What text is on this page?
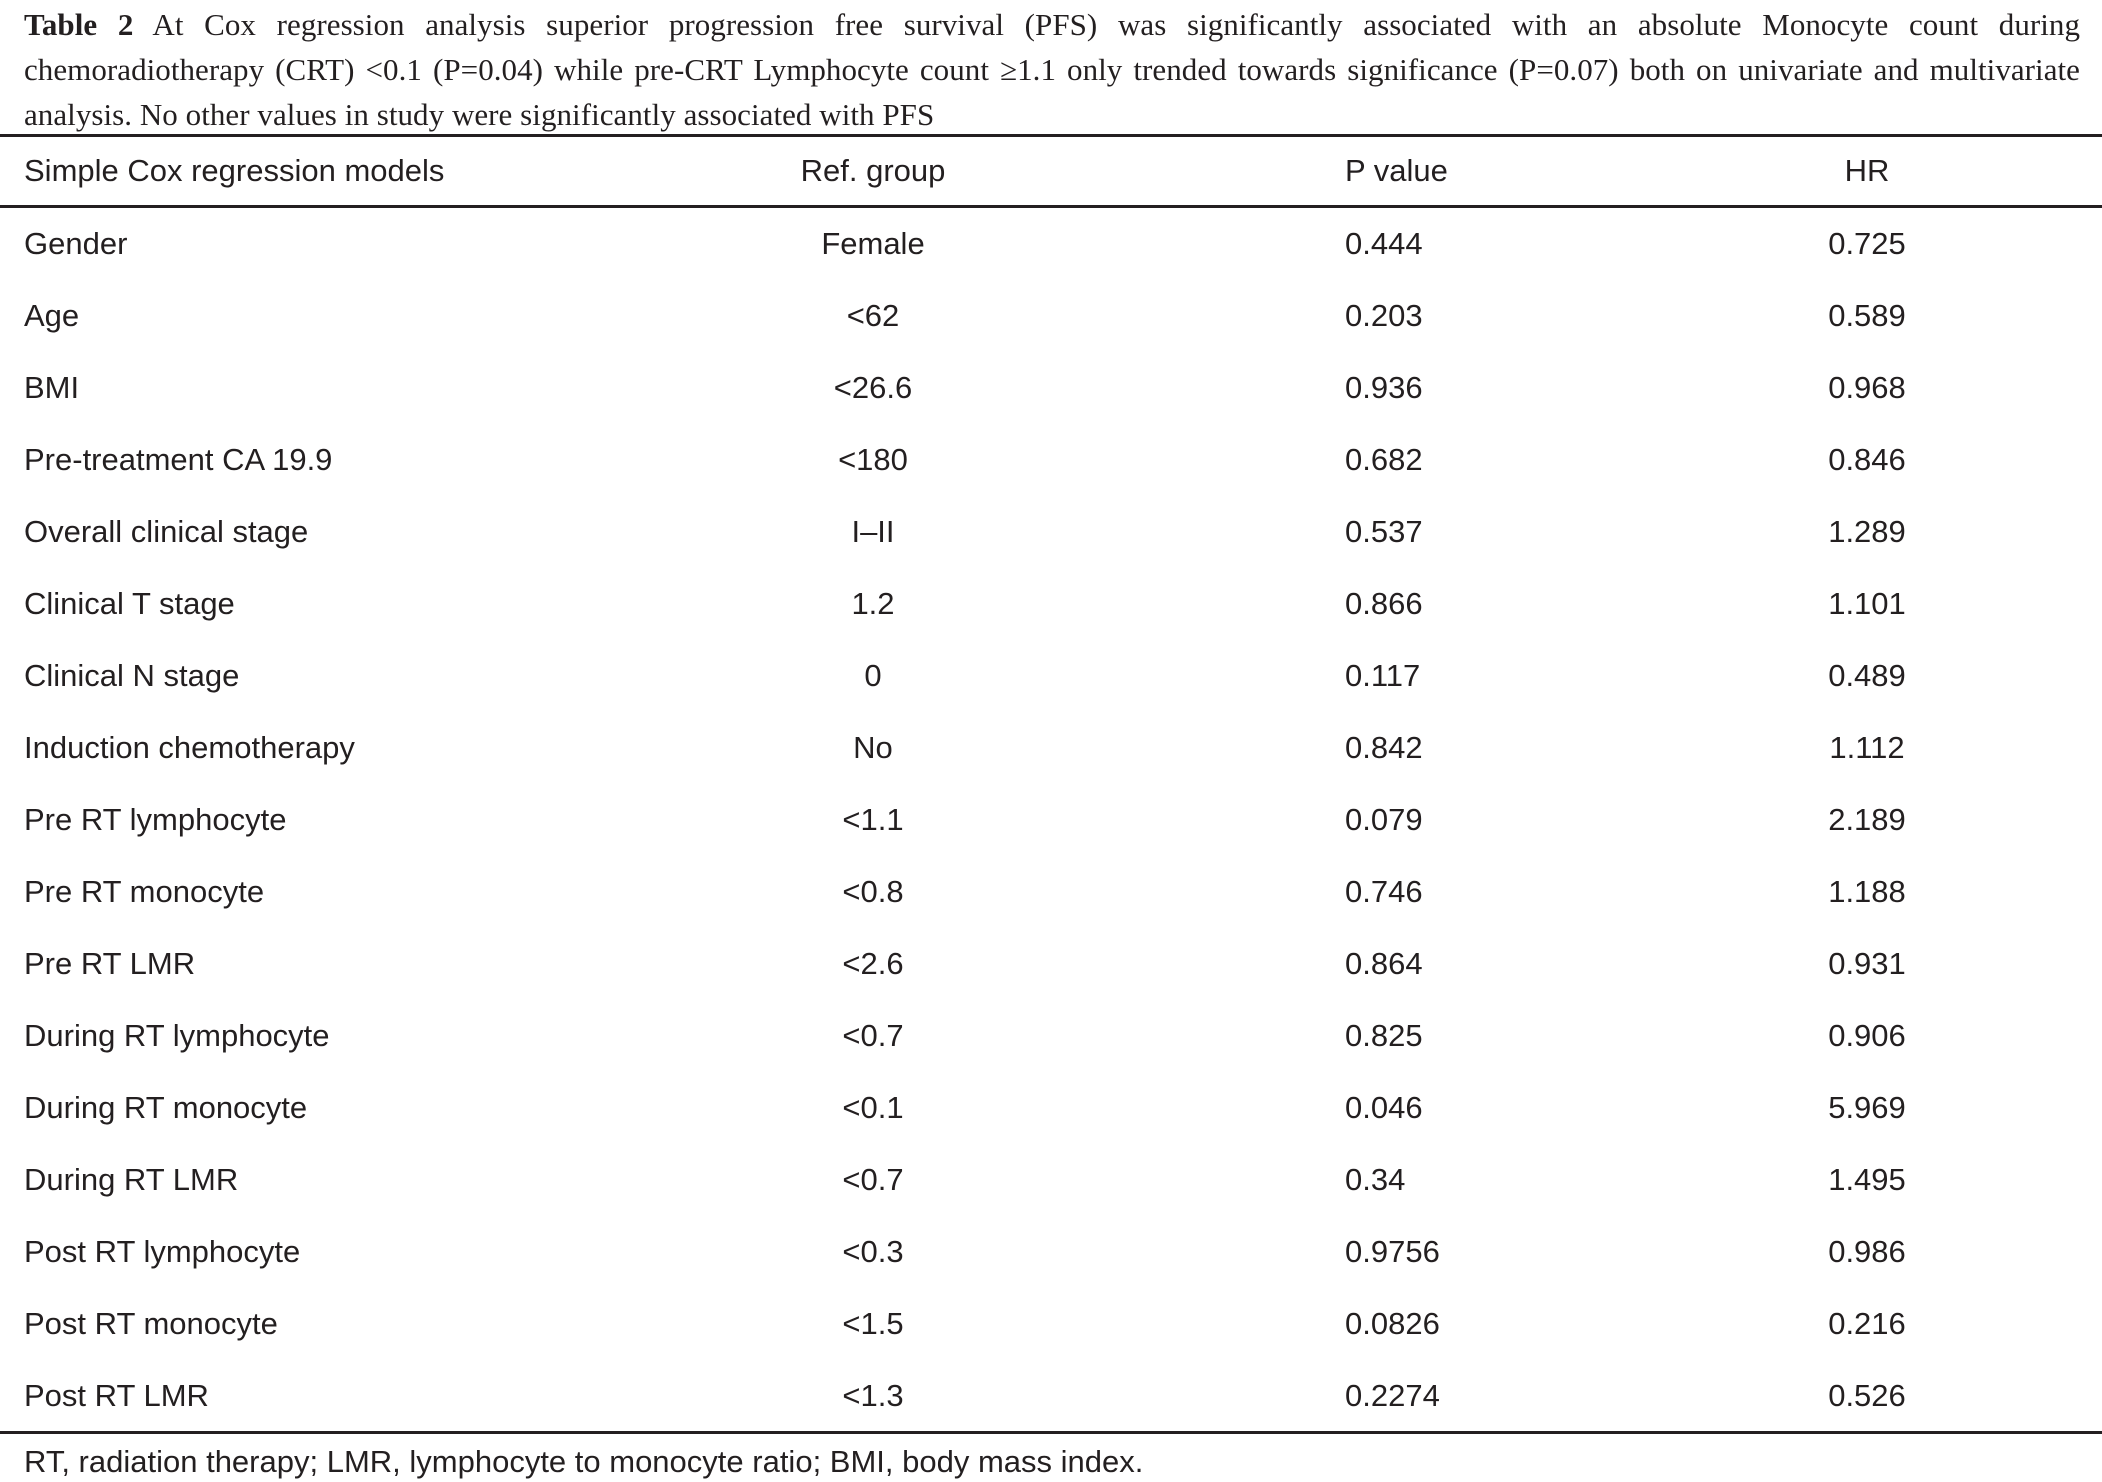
Table 2 At Cox regression analysis superior progression free survival (PFS) was significantly associated with an absolute Monocyte count during chemoradiotherapy (CRT) <0.1 (P=0.04) while pre-CRT Lymphocyte count ≥1.1 only trended towards significance (P=0.07) both on univariate and multivariate analysis. No other values in study were significantly associated with PFS
Simple Cox regression models	Ref. group	P value	HR
Gender	Female	0.444	0.725
Age	<62	0.203	0.589
BMI	<26.6	0.936	0.968
Pre-treatment CA 19.9	<180	0.682	0.846
Overall clinical stage	I–II	0.537	1.289
Clinical T stage	1.2	0.866	1.101
Clinical N stage	0	0.117	0.489
Induction chemotherapy	No	0.842	1.112
Pre RT lymphocyte	<1.1	0.079	2.189
Pre RT monocyte	<0.8	0.746	1.188
Pre RT LMR	<2.6	0.864	0.931
During RT lymphocyte	<0.7	0.825	0.906
During RT monocyte	<0.1	0.046	5.969
During RT LMR	<0.7	0.34	1.495
Post RT lymphocyte	<0.3	0.9756	0.986
Post RT monocyte	<1.5	0.0826	0.216
Post RT LMR	<1.3	0.2274	0.526
RT, radiation therapy; LMR, lymphocyte to monocyte ratio; BMI, body mass index.
